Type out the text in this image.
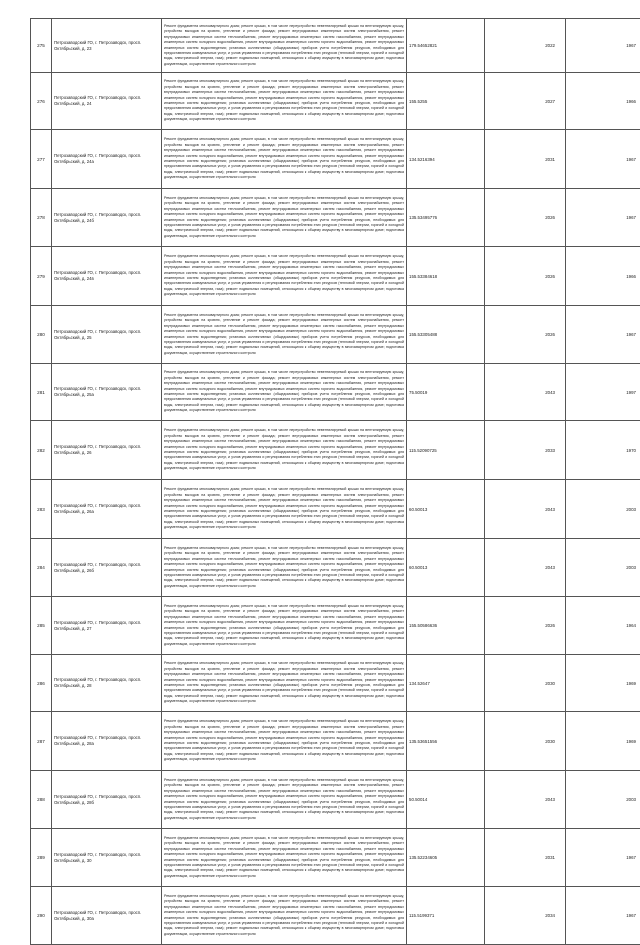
275	Петрозаводский ГО, г. Петрозаводск, просп. Октябрьский, д. 23	Ремонт фундамента многоквартирного дома; ремонт крыши, в том числе переустройство невентилируемой крыши на вентилируемую крышу, устройство выходов на кровлю, утепление и ремонт фасада; ремонт внутридомовых инженерных систем электроснабжения, ремонт внутридомовых инженерных систем теплоснабжения, ремонт внутридомовых инженерных систем газоснабжения, ремонт внутридомовых инженерных систем холодного водоснабжения, ремонт внутридомовых инженерных систем горячего водоснабжения, ремонт внутридомовых инженерных систем водоотведения; установка коллективных (общедомовых) приборов учета потребления ресурсов, необходимых для предоставления коммунальных услуг, и узлов управления и регулирования потребления этих ресурсов (тепловой энергии, горячей и холодной воды, электрической энергии, газа); ремонт подвальных помещений, относящихся к общему имуществу в многоквартирном доме; подготовка документации, осуществление строительного контроля	179.54652821	2022	1967
276	Петрозаводский ГО, г. Петрозаводск, просп. Октябрьский, д. 24	Ремонт фундамента многоквартирного дома; ремонт крыши, в том числе переустройство невентилируемой крыши на вентилируемую крышу, устройство выходов на кровлю, утепление и ремонт фасада; ремонт внутридомовых инженерных систем электроснабжения, ремонт внутридомовых инженерных систем теплоснабжения, ремонт внутридомовых инженерных систем газоснабжения, ремонт внутридомовых инженерных систем холодного водоснабжения, ремонт внутридомовых инженерных систем горячего водоснабжения, ремонт внутридомовых инженерных систем водоотведения; установка коллективных (общедомовых) приборов учета потребления ресурсов, необходимых для предоставления коммунальных услуг, и узлов управления и регулирования потребления этих ресурсов (тепловой энергии, горячей и холодной воды, электрической энергии, газа); ремонт подвальных помещений, относящихся к общему имуществу в многоквартирном доме; подготовка документации, осуществление строительного контроля	155.5255	2027	1966
277	Петрозаводский ГО, г. Петрозаводск, просп. Октябрьский, д. 24а	Ремонт фундамента многоквартирного дома; ремонт крыши, в том числе переустройство невентилируемой крыши на вентилируемую крышу, устройство выходов на кровлю, утепление и ремонт фасада; ремонт внутридомовых инженерных систем электроснабжения, ремонт внутридомовых инженерных систем теплоснабжения, ремонт внутридомовых инженерных систем газоснабжения, ремонт внутридомовых инженерных систем холодного водоснабжения, ремонт внутридомовых инженерных систем горячего водоснабжения, ремонт внутридомовых инженерных систем водоотведения; установка коллективных (общедомовых) приборов учета потребления ресурсов, необходимых для предоставления коммунальных услуг, и узлов управления и регулирования потребления этих ресурсов (тепловой энергии, горячей и холодной воды, электрической энергии, газа); ремонт подвальных помещений, относящихся к общему имуществу в многоквартирном доме; подготовка документации, осуществление строительного контроля	134.5216394	2031	1967
278	Петрозаводский ГО, г. Петрозаводск, просп. Октябрьский, д. 24б	Ремонт фундамента многоквартирного дома; ремонт крыши, в том числе переустройство невентилируемой крыши на вентилируемую крышу, устройство выходов на кровлю, утепление и ремонт фасада; ремонт внутридомовых инженерных систем электроснабжения, ремонт внутридомовых инженерных систем теплоснабжения, ремонт внутридомовых инженерных систем газоснабжения, ремонт внутридомовых инженерных систем холодного водоснабжения, ремонт внутридомовых инженерных систем горячего водоснабжения, ремонт внутридомовых инженерных систем водоотведения; установка коллективных (общедомовых) приборов учета потребления ресурсов, необходимых для предоставления коммунальных услуг, и узлов управления и регулирования потребления этих ресурсов (тепловой энергии, горячей и холодной воды, электрической энергии, газа); ремонт подвальных помещений, относящихся к общему имуществу в многоквартирном доме; подготовка документации, осуществление строительного контроля	135.53495776	2026	1967
279	Петрозаводский ГО, г. Петрозаводск, просп. Октябрьский, д. 24в	Ремонт фундамента многоквартирного дома; ремонт крыши, в том числе переустройство невентилируемой крыши на вентилируемую крышу, устройство выходов на кровлю, утепление и ремонт фасада; ремонт внутридомовых инженерных систем электроснабжения, ремонт внутридомовых инженерных систем теплоснабжения, ремонт внутридомовых инженерных систем газоснабжения, ремонт внутридомовых инженерных систем холодного водоснабжения, ремонт внутридомовых инженерных систем горячего водоснабжения, ремонт внутридомовых инженерных систем водоотведения; установка коллективных (общедомовых) приборов учета потребления ресурсов, необходимых для предоставления коммунальных услуг, и узлов управления и регулирования потребления этих ресурсов (тепловой энергии, горячей и холодной воды, электрической энергии, газа); ремонт подвальных помещений, относящихся к общему имуществу в многоквартирном доме; подготовка документации, осуществление строительного контроля	155.53384618	2026	1966
280	Петрозаводский ГО, г. Петрозаводск, просп. Октябрьский, д. 25	Ремонт фундамента многоквартирного дома; ремонт крыши, в том числе переустройство невентилируемой крыши на вентилируемую крышу, устройство выходов на кровлю, утепление и ремонт фасада; ремонт внутридомовых инженерных систем электроснабжения, ремонт внутридомовых инженерных систем теплоснабжения, ремонт внутридомовых инженерных систем газоснабжения, ремонт внутридомовых инженерных систем холодного водоснабжения, ремонт внутридомовых инженерных систем горячего водоснабжения, ремонт внутридомовых инженерных систем водоотведения; установка коллективных (общедомовых) приборов учета потребления ресурсов, необходимых для предоставления коммунальных услуг, и узлов управления и регулирования потребления этих ресурсов (тепловой энергии, горячей и холодной воды, электрической энергии, газа); ремонт подвальных помещений, относящихся к общему имуществу в многоквартирном доме; подготовка документации, осуществление строительного контроля	155.53305488	2026	1967
281	Петрозаводский ГО, г. Петрозаводск, просп. Октябрьский, д. 25а	Ремонт фундамента многоквартирного дома; ремонт крыши, в том числе переустройство невентилируемой крыши на вентилируемую крышу, устройство выходов на кровлю, утепление и ремонт фасада; ремонт внутридомовых инженерных систем электроснабжения, ремонт внутридомовых инженерных систем теплоснабжения, ремонт внутридомовых инженерных систем газоснабжения, ремонт внутридомовых инженерных систем холодного водоснабжения, ремонт внутридомовых инженерных систем горячего водоснабжения, ремонт внутридомовых инженерных систем водоотведения; установка коллективных (общедомовых) приборов учета потребления ресурсов, необходимых для предоставления коммунальных услуг, и узлов управления и регулирования потребления этих ресурсов (тепловой энергии, горячей и холодной воды, электрической энергии, газа); ремонт подвальных помещений, относящихся к общему имуществу в многоквартирном доме; подготовка документации, осуществление строительного контроля	75.50019	2043	1997
282	Петрозаводский ГО, г. Петрозаводск, просп. Октябрьский, д. 26	Ремонт фундамента многоквартирного дома; ремонт крыши, в том числе переустройство невентилируемой крыши на вентилируемую крышу, устройство выходов на кровлю, утепление и ремонт фасада; ремонт внутридомовых инженерных систем электроснабжения, ремонт внутридомовых инженерных систем теплоснабжения, ремонт внутридомовых инженерных систем газоснабжения, ремонт внутридомовых инженерных систем холодного водоснабжения, ремонт внутридомовых инженерных систем горячего водоснабжения, ремонт внутридомовых инженерных систем водоотведения; установка коллективных (общедомовых) приборов учета потребления ресурсов, необходимых для предоставления коммунальных услуг, и узлов управления и регулирования потребления этих ресурсов (тепловой энергии, горячей и холодной воды, электрической энергии, газа); ремонт подвальных помещений, относящихся к общему имуществу в многоквартирном доме; подготовка документации, осуществление строительного контроля	115.52090725	2033	1970
283	Петрозаводский ГО, г. Петрозаводск, просп. Октябрьский, д. 26а	Ремонт фундамента многоквартирного дома; ремонт крыши, в том числе переустройство невентилируемой крыши на вентилируемую крышу, устройство выходов на кровлю, утепление и ремонт фасада; ремонт внутридомовых инженерных систем электроснабжения, ремонт внутридомовых инженерных систем теплоснабжения, ремонт внутридомовых инженерных систем газоснабжения, ремонт внутридомовых инженерных систем холодного водоснабжения, ремонт внутридомовых инженерных систем горячего водоснабжения, ремонт внутридомовых инженерных систем водоотведения; установка коллективных (общедомовых) приборов учета потребления ресурсов, необходимых для предоставления коммунальных услуг, и узлов управления и регулирования потребления этих ресурсов (тепловой энергии, горячей и холодной воды, электрической энергии, газа); ремонт подвальных помещений, относящихся к общему имуществу в многоквартирном доме; подготовка документации, осуществление строительного контроля	60.50013	2043	2003
284	Петрозаводский ГО, г. Петрозаводск, просп. Октябрьский, д. 26б	Ремонт фундамента многоквартирного дома; ремонт крыши, в том числе переустройство невентилируемой крыши на вентилируемую крышу, устройство выходов на кровлю, утепление и ремонт фасада; ремонт внутридомовых инженерных систем электроснабжения, ремонт внутридомовых инженерных систем теплоснабжения, ремонт внутридомовых инженерных систем газоснабжения, ремонт внутридомовых инженерных систем холодного водоснабжения, ремонт внутридомовых инженерных систем горячего водоснабжения, ремонт внутридомовых инженерных систем водоотведения; установка коллективных (общедомовых) приборов учета потребления ресурсов, необходимых для предоставления коммунальных услуг, и узлов управления и регулирования потребления этих ресурсов (тепловой энергии, горячей и холодной воды, электрической энергии, газа); ремонт подвальных помещений, относящихся к общему имуществу в многоквартирном доме; подготовка документации, осуществление строительного контроля	60.50013	2043	2003
285	Петрозаводский ГО, г. Петрозаводск, просп. Октябрьский, д. 27	Ремонт фундамента многоквартирного дома; ремонт крыши, в том числе переустройство невентилируемой крыши на вентилируемую крышу, устройство выходов на кровлю, утепление и ремонт фасада; ремонт внутридомовых инженерных систем электроснабжения, ремонт внутридомовых инженерных систем теплоснабжения, ремонт внутридомовых инженерных систем газоснабжения, ремонт внутридомовых инженерных систем холодного водоснабжения, ремонт внутридомовых инженерных систем горячего водоснабжения, ремонт внутридомовых инженерных систем водоотведения; установка коллективных (общедомовых) приборов учета потребления ресурсов, необходимых для предоставления коммунальных услуг, и узлов управления и регулирования потребления этих ресурсов (тепловой энергии, горячей и холодной воды, электрической энергии, газа); ремонт подвальных помещений, относящихся к общему имуществу в многоквартирном доме; подготовка документации, осуществление строительного контроля	155.50586636	2026	1964
286	Петрозаводский ГО, г. Петрозаводск, просп. Октябрьский, д. 28	Ремонт фундамента многоквартирного дома; ремонт крыши, в том числе переустройство невентилируемой крыши на вентилируемую крышу, устройство выходов на кровлю, утепление и ремонт фасада; ремонт внутридомовых инженерных систем электроснабжения, ремонт внутридомовых инженерных систем теплоснабжения, ремонт внутридомовых инженерных систем газоснабжения, ремонт внутридомовых инженерных систем холодного водоснабжения, ремонт внутридомовых инженерных систем горячего водоснабжения, ремонт внутридомовых инженерных систем водоотведения; установка коллективных (общедомовых) приборов учета потребления ресурсов, необходимых для предоставления коммунальных услуг, и узлов управления и регулирования потребления этих ресурсов (тепловой энергии, горячей и холодной воды, электрической энергии, газа); ремонт подвальных помещений, относящихся к общему имуществу в многоквартирном доме; подготовка документации, осуществление строительного контроля	134.52647	2030	1969
287	Петрозаводский ГО, г. Петрозаводск, просп. Октябрьский, д. 28а	Ремонт фундамента многоквартирного дома; ремонт крыши, в том числе переустройство невентилируемой крыши на вентилируемую крышу, устройство выходов на кровлю, утепление и ремонт фасада; ремонт внутридомовых инженерных систем электроснабжения, ремонт внутридомовых инженерных систем теплоснабжения, ремонт внутридомовых инженерных систем газоснабжения, ремонт внутридомовых инженерных систем холодного водоснабжения, ремонт внутридомовых инженерных систем горячего водоснабжения, ремонт внутридомовых инженерных систем водоотведения; установка коллективных (общедомовых) приборов учета потребления ресурсов, необходимых для предоставления коммунальных услуг, и узлов управления и регулирования потребления этих ресурсов (тепловой энергии, горячей и холодной воды, электрической энергии, газа); ремонт подвальных помещений, относящихся к общему имуществу в многоквартирном доме; подготовка документации, осуществление строительного контроля	135.53651556	2030	1969
288	Петрозаводский ГО, г. Петрозаводск, просп. Октябрьский, д. 28б	Ремонт фундамента многоквартирного дома; ремонт крыши, в том числе переустройство невентилируемой крыши на вентилируемую крышу, устройство выходов на кровлю, утепление и ремонт фасада; ремонт внутридомовых инженерных систем электроснабжения, ремонт внутридомовых инженерных систем теплоснабжения, ремонт внутридомовых инженерных систем газоснабжения, ремонт внутридомовых инженерных систем холодного водоснабжения, ремонт внутридомовых инженерных систем горячего водоснабжения, ремонт внутридомовых инженерных систем водоотведения; установка коллективных (общедомовых) приборов учета потребления ресурсов, необходимых для предоставления коммунальных услуг, и узлов управления и регулирования потребления этих ресурсов (тепловой энергии, горячей и холодной воды, электрической энергии, газа); ремонт подвальных помещений, относящихся к общему имуществу в многоквартирном доме; подготовка документации, осуществление строительного контроля	50.50014	2043	2003
289	Петрозаводский ГО, г. Петрозаводск, просп. Октябрьский, д. 30	Ремонт фундамента многоквартирного дома; ремонт крыши, в том числе переустройство невентилируемой крыши на вентилируемую крышу, устройство выходов на кровлю, утепление и ремонт фасада; ремонт внутридомовых инженерных систем электроснабжения, ремонт внутридомовых инженерных систем теплоснабжения, ремонт внутридомовых инженерных систем газоснабжения, ремонт внутридомовых инженерных систем холодного водоснабжения, ремонт внутридомовых инженерных систем горячего водоснабжения, ремонт внутридомовых инженерных систем водоотведения; установка коллективных (общедомовых) приборов учета потребления ресурсов, необходимых для предоставления коммунальных услуг, и узлов управления и регулирования потребления этих ресурсов (тепловой энергии, горячей и холодной воды, электрической энергии, газа); ремонт подвальных помещений, относящихся к общему имуществу в многоквартирном доме; подготовка документации, осуществление строительного контроля	135.52234605	2031	1967
290	Петрозаводский ГО, г. Петрозаводск, просп. Октябрьский, д. 30а	Ремонт фундамента многоквартирного дома; ремонт крыши, в том числе переустройство невентилируемой крыши на вентилируемую крышу, устройство выходов на кровлю, утепление и ремонт фасада; ремонт внутридомовых инженерных систем электроснабжения, ремонт внутридомовых инженерных систем теплоснабжения, ремонт внутридомовых инженерных систем газоснабжения, ремонт внутридомовых инженерных систем холодного водоснабжения, ремонт внутридомовых инженерных систем горячего водоснабжения, ремонт внутридомовых инженерных систем водоотведения; установка коллективных (общедомовых) приборов учета потребления ресурсов, необходимых для предоставления коммунальных услуг, и узлов управления и регулирования потребления этих ресурсов (тепловой энергии, горячей и холодной воды, электрической энергии, газа); ремонт подвальных помещений, относящихся к общему имуществу в многоквартирном доме; подготовка документации, осуществление строительного контроля	115.5199371	2034	1967
